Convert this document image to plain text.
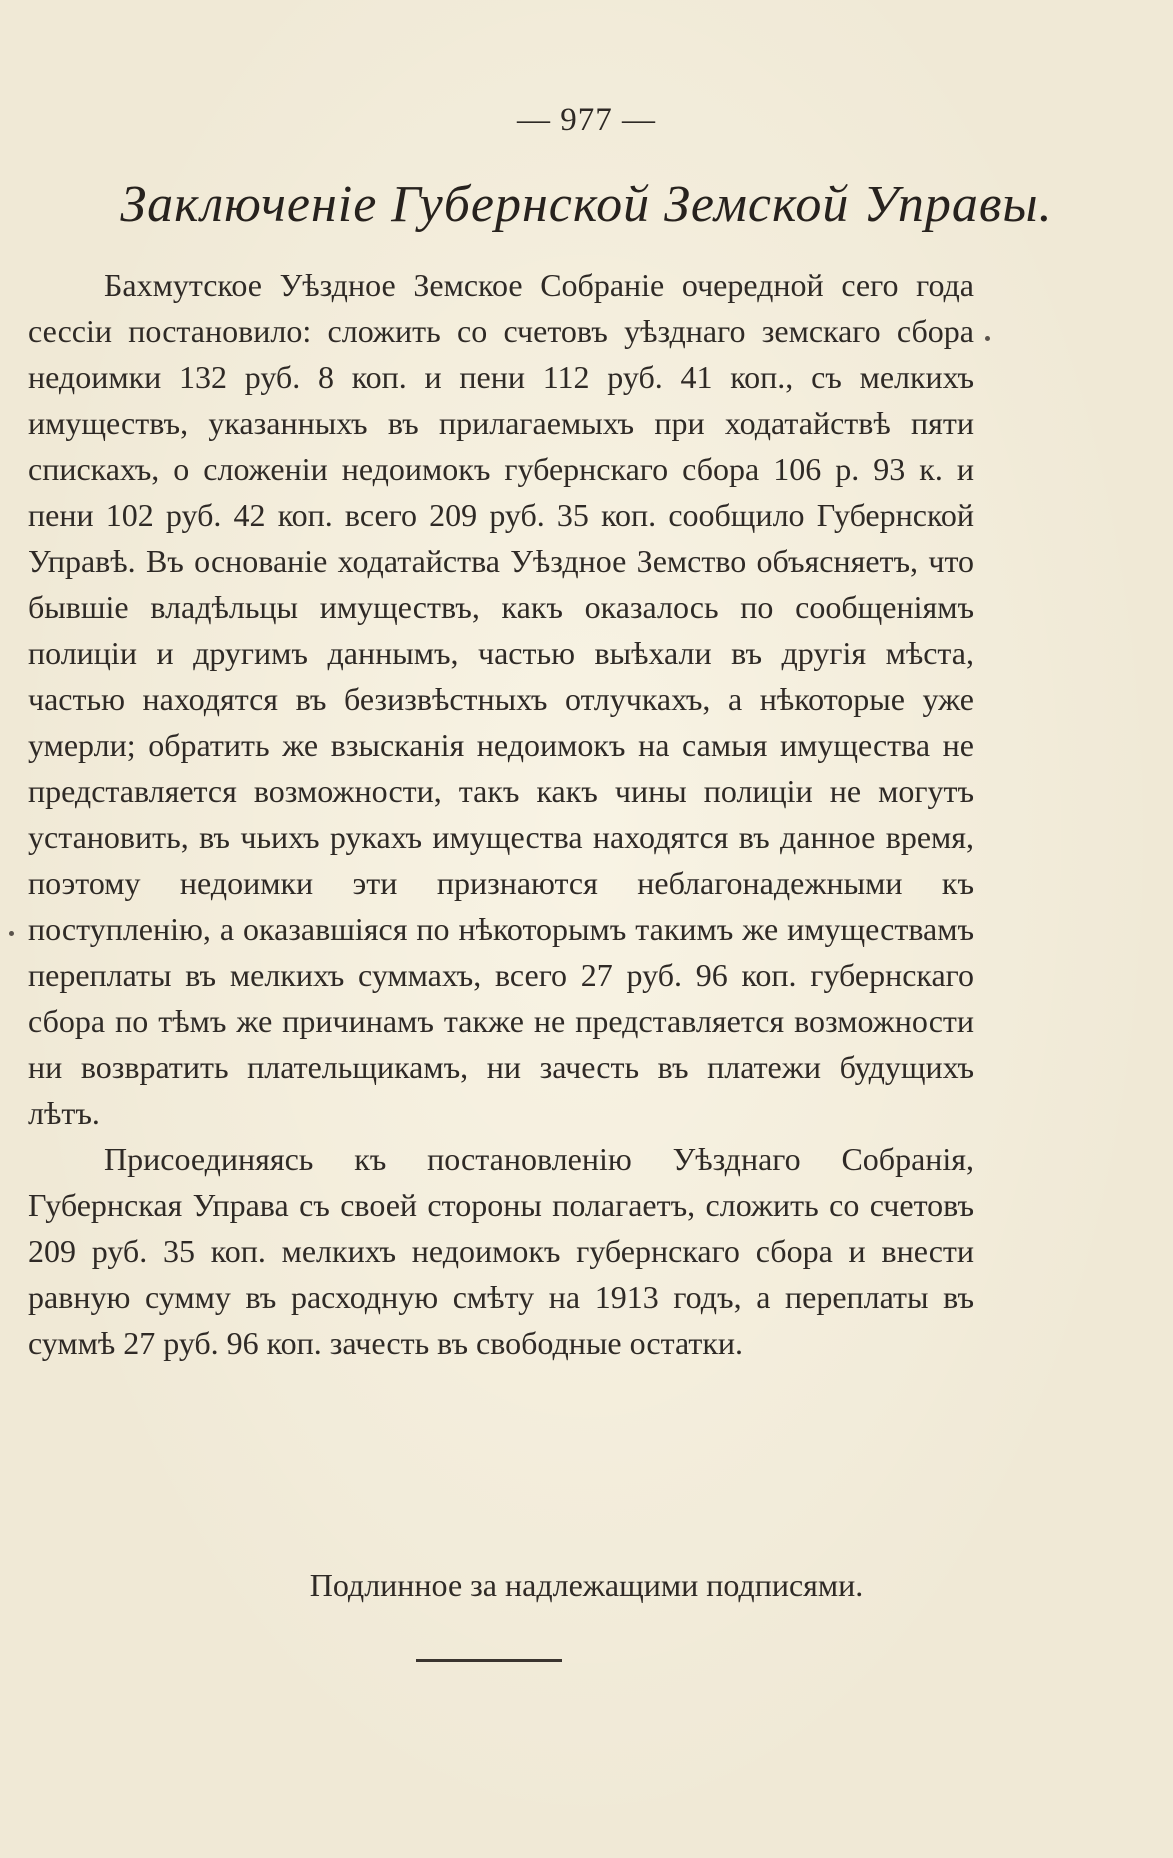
— 977 —
Заключеніе Губернской Земской Управы.

Бахмутское Уѣздное Земское Собраніе очередной сего года сессіи постановило: сложить со счетовъ уѣзднаго земскаго сбора недоимки 132 руб. 8 коп. и пени 112 руб. 41 коп., съ мелкихъ имуществъ, указанныхъ въ прилагаемыхъ при ходатайствѣ пяти спискахъ, о сложеніи недоимокъ губернскаго сбора 106 р. 93 к. и пени 102 руб. 42 коп. всего 209 руб. 35 коп. сообщило Губернской Управѣ. Въ основаніе ходатайства Уѣздное Земство объясняетъ, что бывшіе владѣльцы имуществъ, какъ оказалось по сообщеніямъ полиціи и другимъ даннымъ, частью выѣхали въ другія мѣста, частью находятся въ безизвѣстныхъ отлучкахъ, а нѣкоторые уже умерли; обратить же взысканія недоимокъ на самыя имущества не представляется возможности, такъ какъ чины полиціи не могутъ установить, въ чьихъ рукахъ имущества находятся въ данное время, поэтому недоимки эти признаются неблагонадежными къ поступленію, а оказавшіяся по нѣкоторымъ такимъ же имуществамъ переплаты въ мелкихъ суммахъ, всего 27 руб. 96 коп. губернскаго сбора по тѣмъ же причинамъ также не представляется возможности ни возвратить плательщикамъ, ни зачесть въ платежи будущихъ лѣтъ.

Присоединяясь къ постановленію Уѣзднаго Собранія, Губернская Управа съ своей стороны полагаетъ, сложить со счетовъ 209 руб. 35 коп. мелкихъ недоимокъ губернскаго сбора и внести равную сумму въ расходную смѣту на 1913 годъ, а переплаты въ суммѣ 27 руб. 96 коп. зачесть въ свободные остатки.

Подлинное за надлежащими подписями.
